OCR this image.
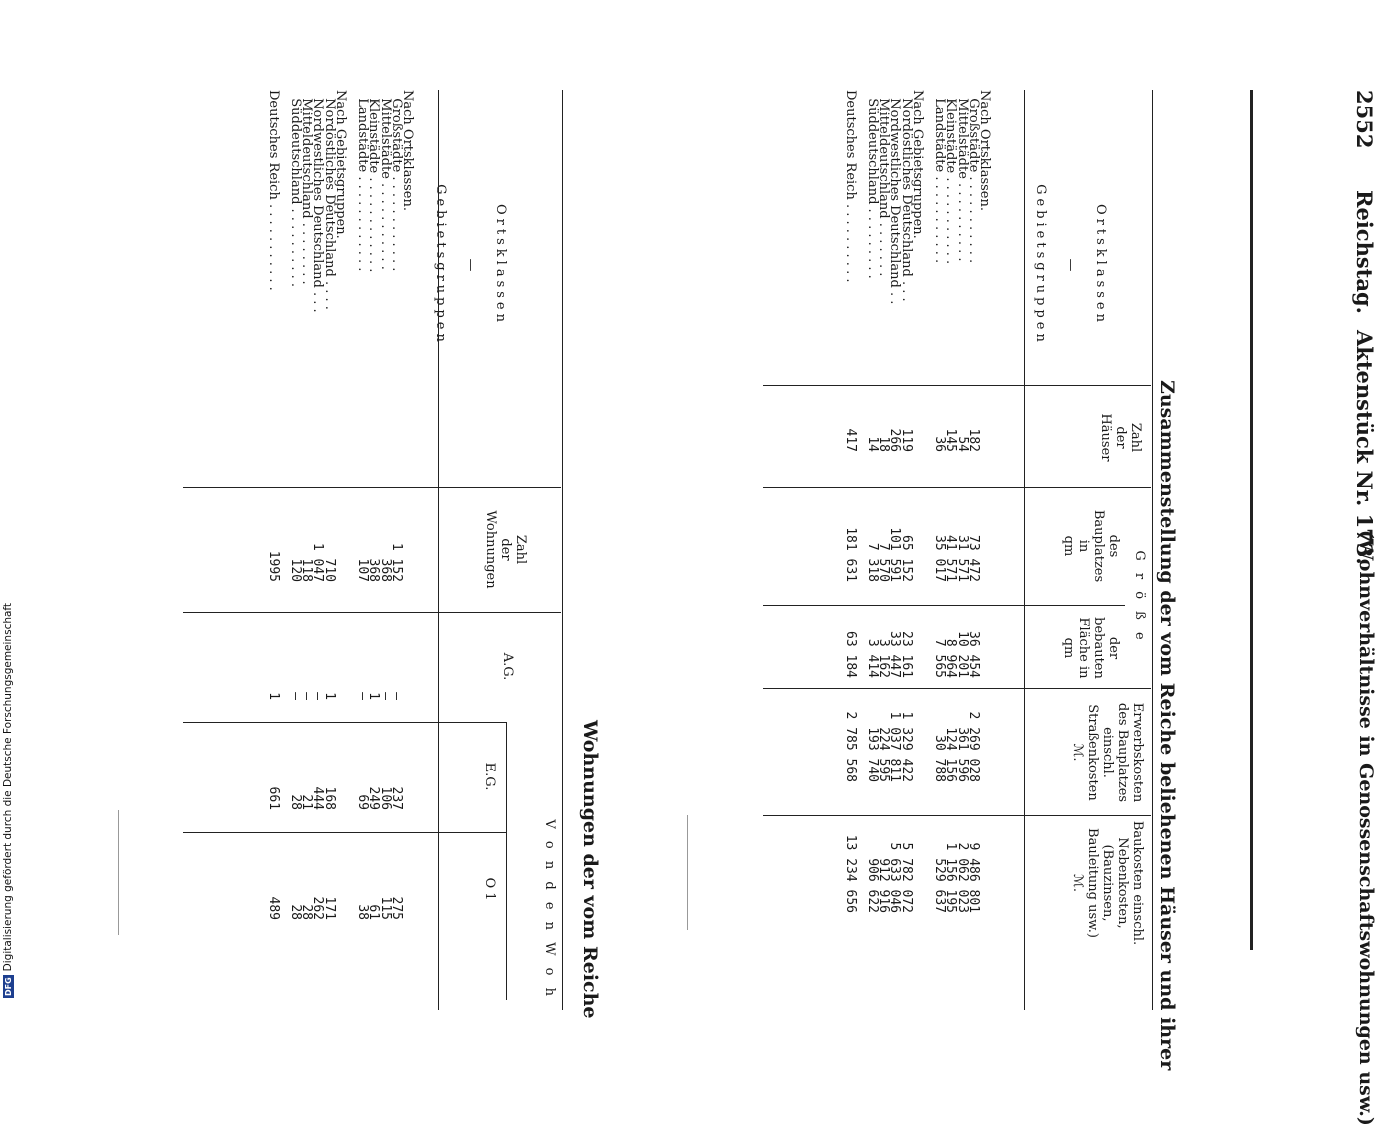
DFGDigitalisierung gefördert durch die Deutsche Forschungsgemeinschaft
2552
Reichstag.
Aktenstück Nr. 173.
(Wohnverhältnisse in Genossenschaftswohnungen usw.)
Zusammenstellung der vom Reiche beliehenen Häuser und ihrer

Ortsklassen

—

Gebietsgruppen

Zahl
der
Häuser
G r ö ß e
des
Bauplatzes
in
qm
der
bebauten
Fläche in
qm
Erwerbskosten
des Bauplatzes
einschl.
Straßenkosten
ℳ.
Baukosten einschl.
Nebenkosten,
(Bauzinsen,
Bauleitung usw.)
ℳ.
Nach Ortsklassen.
Großstädte . . . . . . . . . . .
Mittelstädte . . . . . . . . . .
Kleinstädte . . . . . . . . . . .
Landstädte . . . . . . . . . . .

Nach Gebietsgruppen.
Nordöstliches Deutschland . . .
Nordwestliches Deutschland . .
Mitteldeutschland . . . . . . .
Süddeutschland . . . . . . . . .

Deutsches Reich . . . . . . . . . .

182
54
145
36

119
266
18
14

417

73 472
31 571
41 571
35 017

65 152
101 591
7 570
7 318

181 631

36 454
10 201
8 964
7 565

23 161
33 447
3 162
3 414

63 184

2 269 028
361 596
124 156
30 788

1 329 422
1 037 811
224 595
193 740

2 785 568

9 486 801
2 062 023
1 156 195
529 637

5 782 072
5 633 046
912 916
906 622

13 234 656
Wohnungen der vom Reiche

Ortsklassen

—

Gebietsgruppen

Zahl
der
Wohnungen
V o n d e n W o h
A.G.
E.G.
O 1
Nach Ortsklassen.
Großstädte . . . . . . . . . . . .
Mittelstädte . . . . . . . . . . .
Kleinstädte . . . . . . . . . . . .
Landstädte . . . . . . . . . . . .

Nach Gebietsgruppen.
Nordöstliches Deutschland . . . .
Nordwestliches Deutschland . . .
Mitteldeutschland . . . . . . . .
Süddeutschland . . . . . . . . . .

Deutsches Reich . . . . . . . . . . .

1 152
368
368
107

710
1 047
118
120

1995

—
—
1
—

1
—
—
—

1

237
106
249
69

168
444
21
28

661

275
115
61
38

171
262
28
28

489
